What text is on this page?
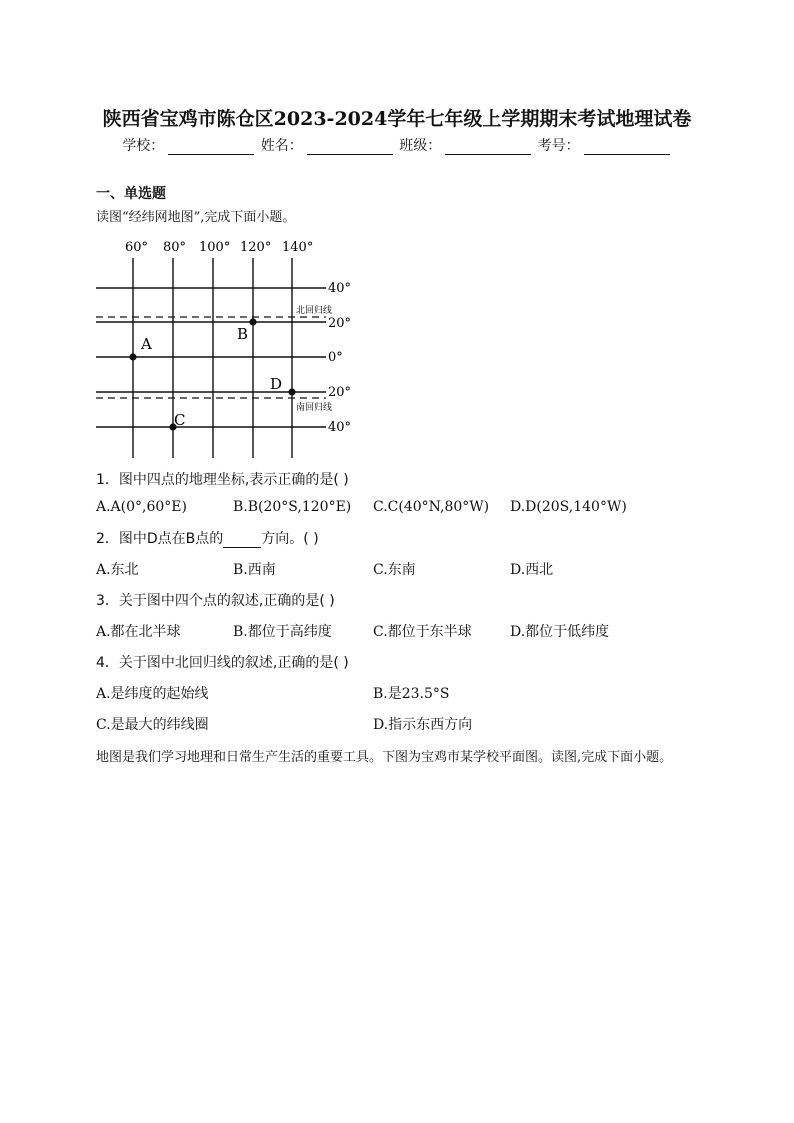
陕西省宝鸡市陈仓区2023-2024学年七年级上学期期末考试地理试卷
学校：	姓名：	班级：	考号：
一、单选题
读图“经纬网地图”,完成下面小题。
60° 80° 100° 120° 140°
北回归线
南回归线
40°
20°
0°
20°
40°
A
B
C
D
1．图中四点的地理坐标,表示正确的是( )
A.A(0°,60°E)	B.B(20°S,120°E) C.C(40°N,80°W) D.D(20S,140°W)
2．图中D点在B点的	方向。( )
A.东北	B.西南	C.东南	D.西北
3．关于图中四个点的叙述,正确的是( )
A.都在北半球	B.都位于高纬度	C.都位于东半球	D.都位于低纬度
4．关于图中北回归线的叙述,正确的是( )
A.是纬度的起始线	B.是23.5°S
C.是最大的纬线圈	D.指示东西方向
地图是我们学习地理和日常生产生活的重要工具。下图为宝鸡市某学校平面图。读图,完成下面小题。
